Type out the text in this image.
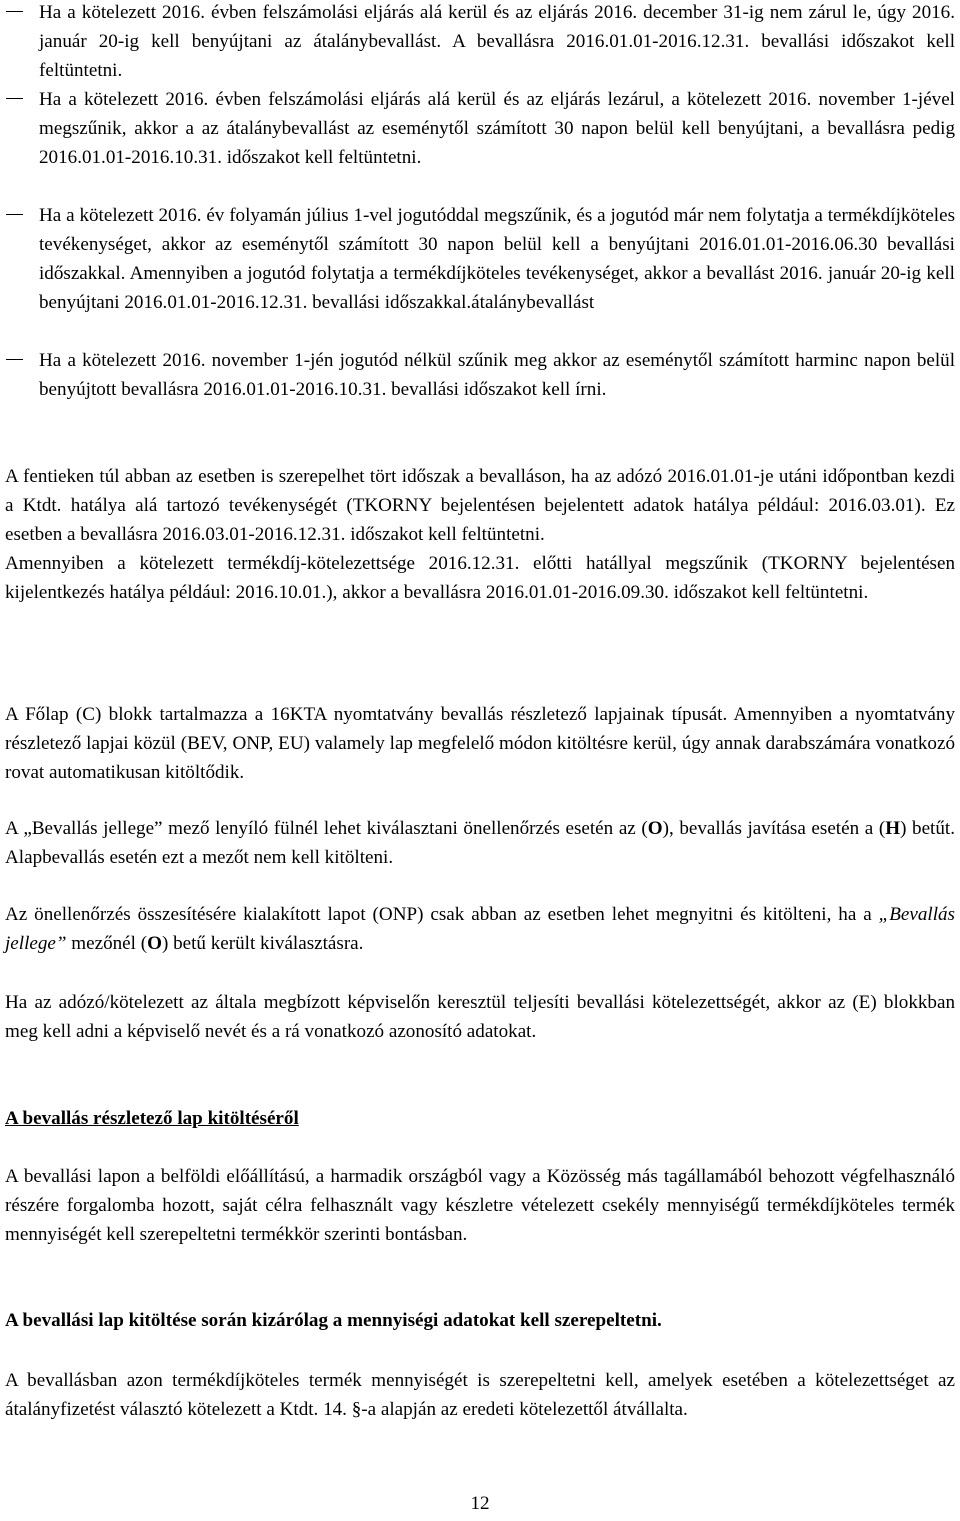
Ha a kötelezett 2016. évben felszámolási eljárás alá kerül és az eljárás 2016. december 31-ig nem zárul le, úgy 2016. január 20-ig kell benyújtani az átalánybevallást. A bevallásra 2016.01.01-2016.12.31. bevallási időszakot kell feltüntetni.
Ha a kötelezett 2016. évben felszámolási eljárás alá kerül és az eljárás lezárul, a kötelezett 2016. november 1-jével megszűnik, akkor a az átalánybevallást az eseménytől számított 30 napon belül kell benyújtani, a bevallásra pedig 2016.01.01-2016.10.31. időszakot kell feltüntetni.
Ha a kötelezett 2016. év folyamán július 1-vel jogutóddal megszűnik, és a jogutód már nem folytatja a termékdíjköteles tevékenységet, akkor az eseménytől számított 30 napon belül kell a benyújtani 2016.01.01-2016.06.30 bevallási időszakkal. Amennyiben a jogutód folytatja a termékdíjköteles tevékenységet, akkor a bevallást 2016. január 20-ig kell benyújtani 2016.01.01-2016.12.31. bevallási időszakkal.átalánybevallást
Ha a kötelezett 2016. november 1-jén jogutód nélkül szűnik meg akkor az eseménytől számított harminc napon belül benyújtott bevallásra 2016.01.01-2016.10.31. bevallási időszakot kell írni.

A fentieken túl abban az esetben is szerepelhet tört időszak a bevalláson, ha az adózó 2016.01.01-je utáni időpontban kezdi a Ktdt. hatálya alá tartozó tevékenységét (TKORNY bejelentésen bejelentett adatok hatálya például: 2016.03.01). Ez esetben a bevallásra 2016.03.01-2016.12.31. időszakot kell feltüntetni.

Amennyiben a kötelezett termékdíj-kötelezettsége 2016.12.31. előtti hatállyal megszűnik (TKORNY bejelentésen kijelentkezés hatálya például: 2016.10.01.), akkor a bevallásra 2016.01.01-2016.09.30. időszakot kell feltüntetni.

A Főlap (C) blokk tartalmazza a 16KTA nyomtatvány bevallás részletező lapjainak típusát. Amennyiben a nyomtatvány részletező lapjai közül (BEV, ONP, EU) valamely lap megfelelő módon kitöltésre kerül, úgy annak darabszámára vonatkozó rovat automatikusan kitöltődik.

A „Bevallás jellege” mező lenyíló fülnél lehet kiválasztani önellenőrzés esetén az (O), bevallás javítása esetén a (H) betűt. Alapbevallás esetén ezt a mezőt nem kell kitölteni.

Az önellenőrzés összesítésére kialakított lapot (ONP) csak abban az esetben lehet megnyitni és kitölteni, ha a „Bevallás jellege” mezőnél (O) betű került kiválasztásra.

Ha az adózó/kötelezett az általa megbízott képviselőn keresztül teljesíti bevallási kötelezettségét, akkor az (E) blokkban meg kell adni a képviselő nevét és a rá vonatkozó azonosító adatokat.

A bevallás részletező lap kitöltéséről

A bevallási lapon a belföldi előállítású, a harmadik országból vagy a Közösség más tagállamából behozott végfelhasználó részére forgalomba hozott, saját célra felhasznált vagy készletre vételezett csekély mennyiségű termékdíjköteles termék mennyiségét kell szerepeltetni termékkör szerinti bontásban.

A bevallási lap kitöltése során kizárólag a mennyiségi adatokat kell szerepeltetni.

A bevallásban azon termékdíjköteles termék mennyiségét is szerepeltetni kell, amelyek esetében a kötelezettséget az átalányfizetést választó kötelezett a Ktdt. 14. §-a alapján az eredeti kötelezettől átvállalta.

12
